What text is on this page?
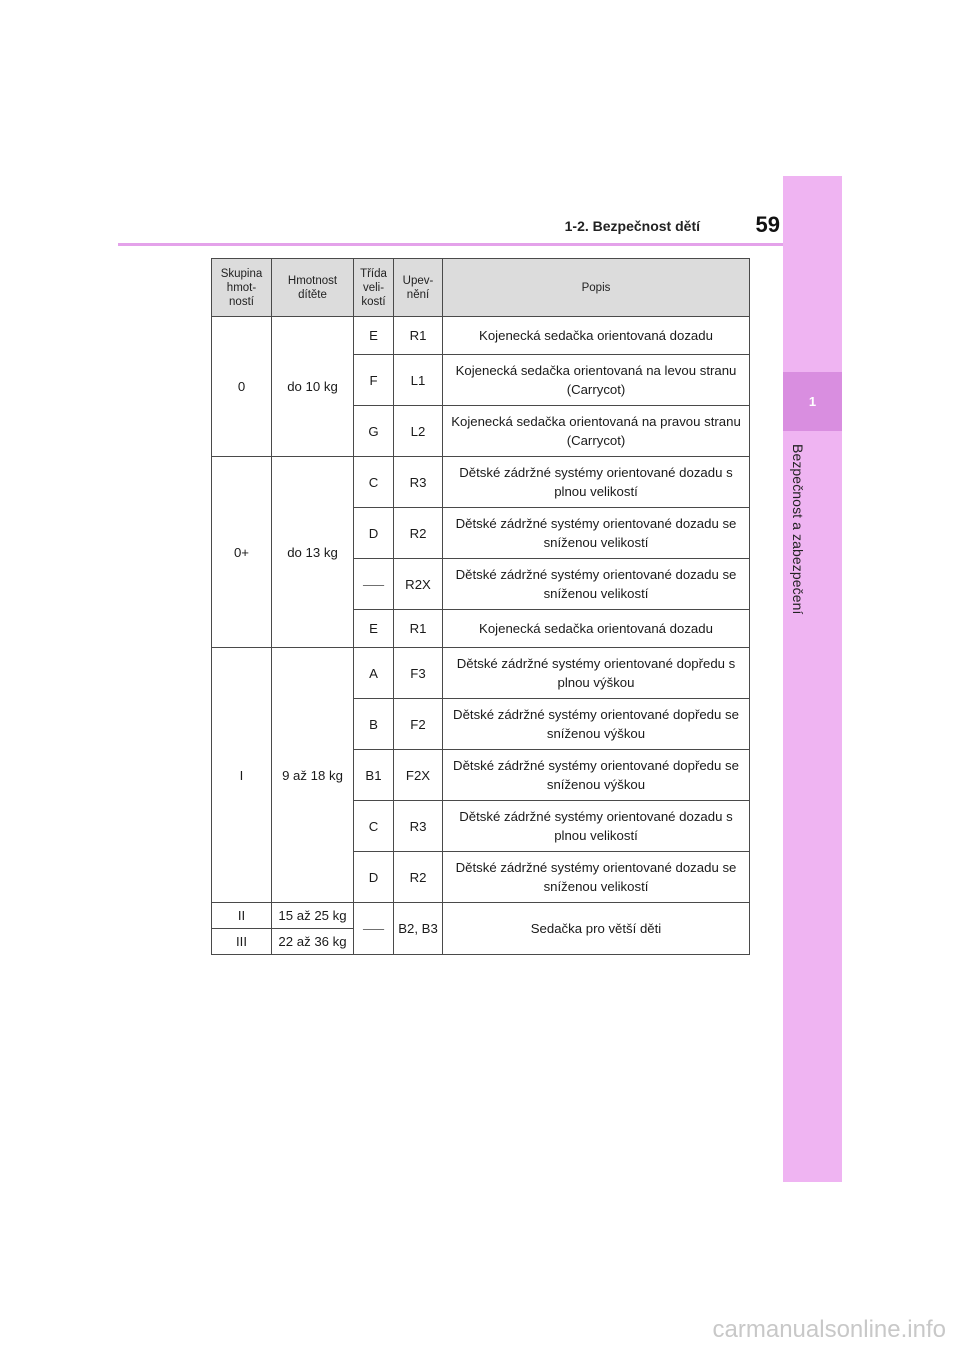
1
Bezpečnost a zabezpečení
1-2. Bezpečnost dětí	59
Skupina hmot-ností	Hmotnost dítěte	Třída veli-kostí	Upev-nění	Popis
0	do 10 kg	E	R1	Kojenecká sedačka orientovaná dozadu
		F	L1	Kojenecká sedačka orientovaná na levou stranu (Carrycot)
		G	L2	Kojenecká sedačka orientovaná na pravou stranu (Carrycot)
0+	do 13 kg	C	R3	Dětské zádržné systémy orientované dozadu s plnou velikostí
		D	R2	Dětské zádržné systémy orientované dozadu se sníženou velikostí
		⸺	R2X	Dětské zádržné systémy orientované dozadu se sníženou velikostí
		E	R1	Kojenecká sedačka orientovaná dozadu
I	9 až 18 kg	A	F3	Dětské zádržné systémy orientované dopředu s plnou výškou
		B	F2	Dětské zádržné systémy orientované dopředu se sníženou výškou
		B1	F2X	Dětské zádržné systémy orientované dopředu se sníženou výškou
		C	R3	Dětské zádržné systémy orientované dozadu s plnou velikostí
		D	R2	Dětské zádržné systémy orientované dozadu se sníženou velikostí
II	15 až 25 kg	⸺	B2, B3	Sedačka pro větší děti
III	22 až 36 kg			
carmanualsonline.info
